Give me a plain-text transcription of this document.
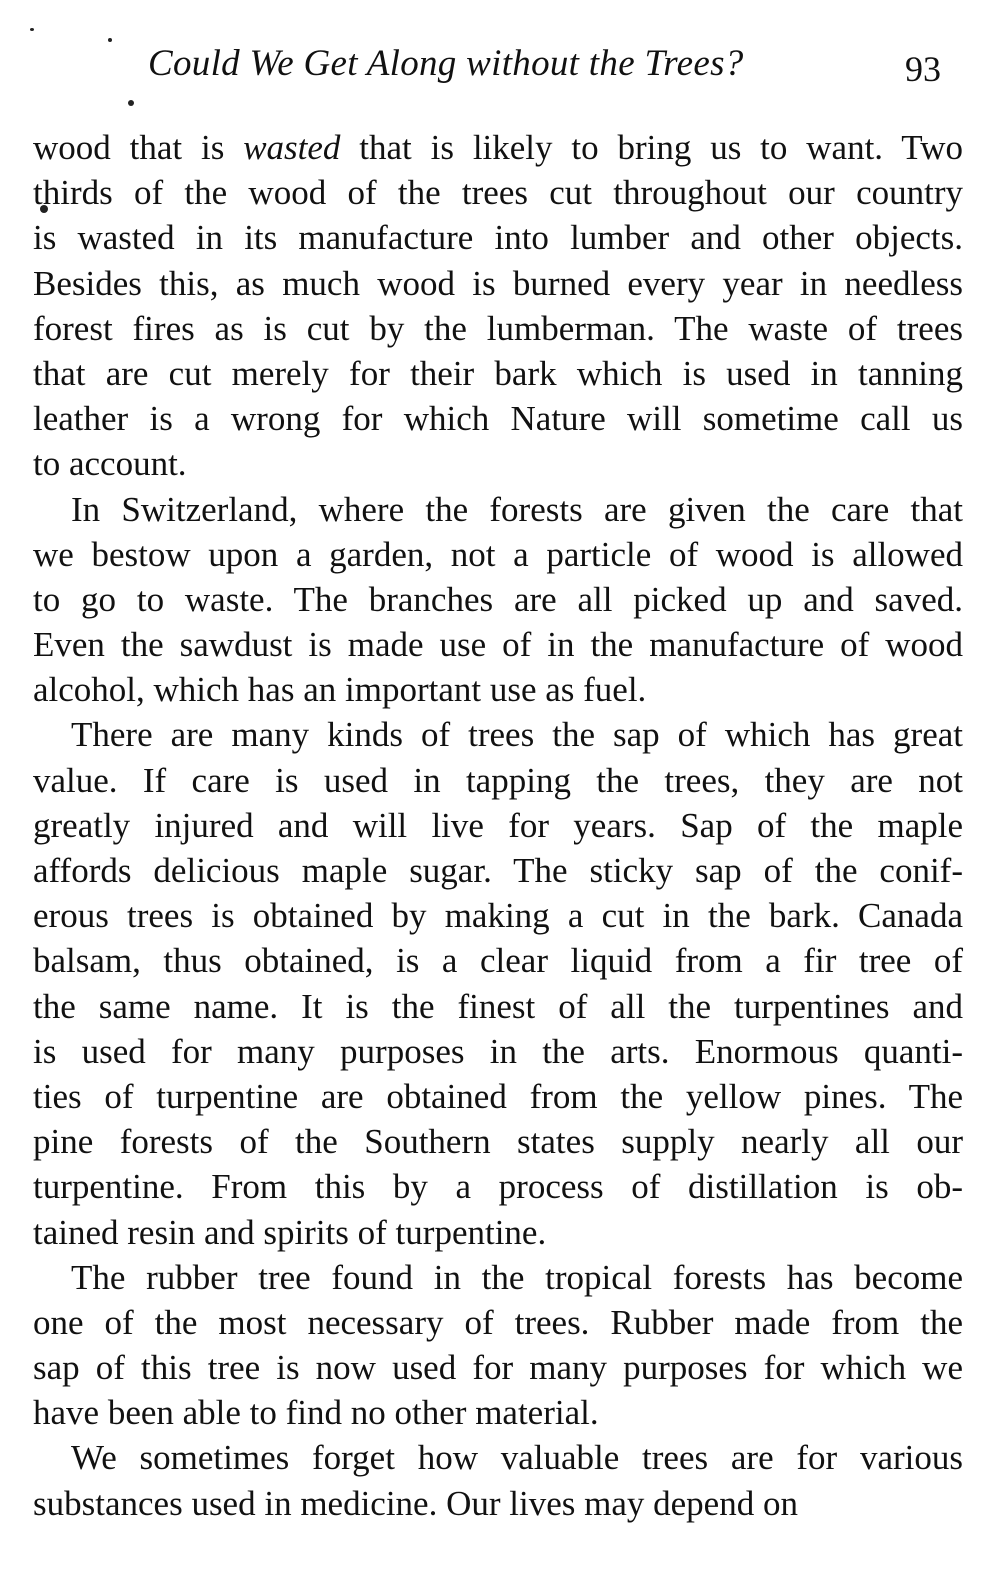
Could We Get Along without the Trees?	93
wood that is wasted that is likely to bring us to want. Two
thirds of the wood of the trees cut throughout our country
is wasted in its manufacture into lumber and other objects.
Besides this, as much wood is burned every year in needless
forest fires as is cut by the lumberman. The waste of trees
that are cut merely for their bark which is used in tanning
leather is a wrong for which Nature will sometime call us
to account.
In Switzerland, where the forests are given the care that
we bestow upon a garden, not a particle of wood is allowed
to go to waste. The branches are all picked up and saved.
Even the sawdust is made use of in the manufacture of wood
alcohol, which has an important use as fuel.
There are many kinds of trees the sap of which has great
value. If care is used in tapping the trees, they are not
greatly injured and will live for years. Sap of the maple
affords delicious maple sugar. The sticky sap of the conif-
erous trees is obtained by making a cut in the bark. Canada
balsam, thus obtained, is a clear liquid from a fir tree of
the same name. It is the finest of all the turpentines and
is used for many purposes in the arts. Enormous quanti-
ties of turpentine are obtained from the yellow pines. The
pine forests of the Southern states supply nearly all our
turpentine. From this by a process of distillation is ob-
tained resin and spirits of turpentine.
The rubber tree found in the tropical forests has become
one of the most necessary of trees. Rubber made from the
sap of this tree is now used for many purposes for which we
have been able to find no other material.
We sometimes forget how valuable trees are for various
substances used in medicine. Our lives may depend on
